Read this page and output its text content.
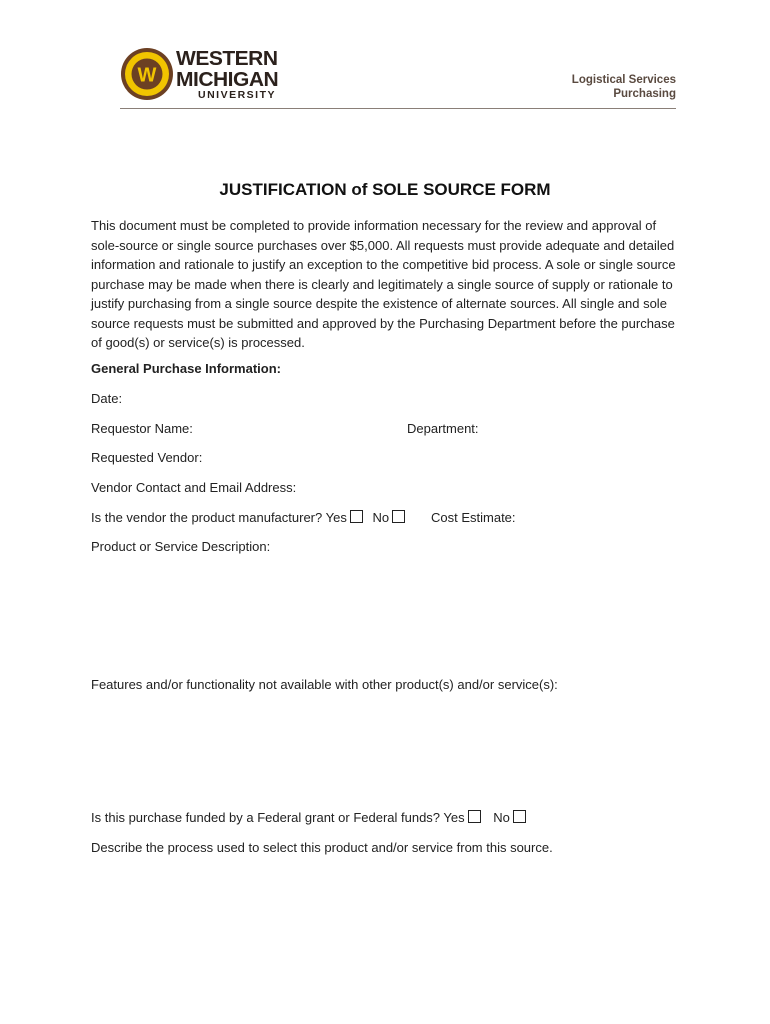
W
WESTERN
MICHIGAN
UNIVERSITY
Logistical Services
Purchasing
JUSTIFICATION of SOLE SOURCE FORM

This document must be completed to provide information necessary for the review and approval of sole-source or single source purchases over $5,000. All requests must provide adequate and detailed information and rationale to justify an exception to the competitive bid process. A sole or single source purchase may be made when there is clearly and legitimately a single source of supply or rationale to justify purchasing from a single source despite the existence of alternate sources. All single and sole source requests must be submitted and approved by the Purchasing Department before the purchase of good(s) or service(s) is processed.

General Purchase Information:
Date:
Requestor Name:	Department:
Requested Vendor:
Vendor Contact and Email Address:
Is the vendor the product manufacturer? Yes No	Cost Estimate:
Product or Service Description:
Features and/or functionality not available with other product(s) and/or service(s):
Is this purchase funded by a Federal grant or Federal funds? Yes No
Describe the process used to select this product and/or service from this source.
